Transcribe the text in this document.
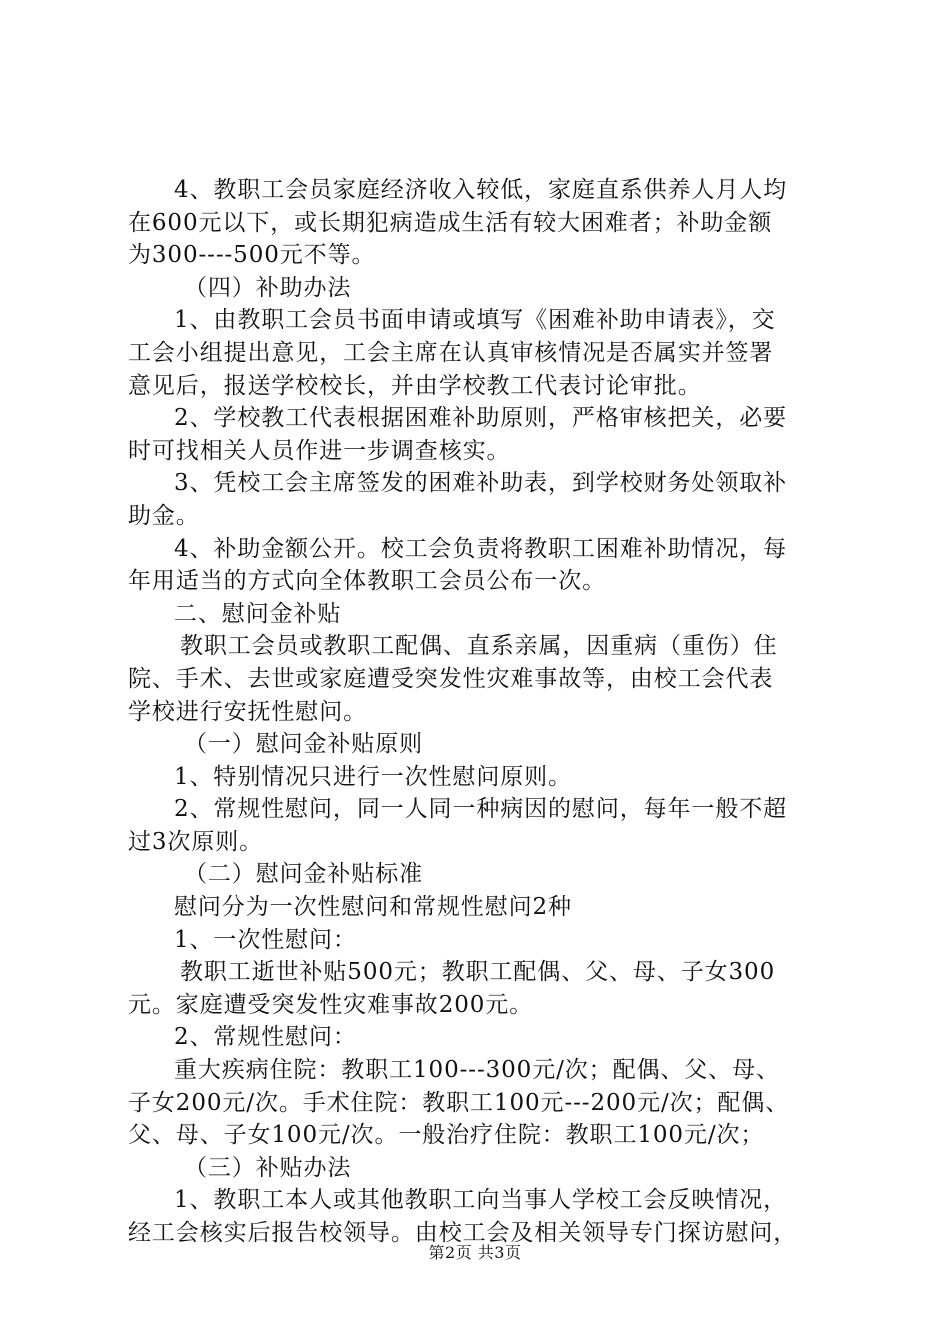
4、教职工会员家庭经济收入较低，家庭直系供养人月人均
在600元以下，或长期犯病造成生活有较大困难者；补助金额
为300----500元不等。
（四）补助办法
1、由教职工会员书面申请或填写《困难补助申请表》，交
工会小组提出意见，工会主席在认真审核情况是否属实并签署
意见后，报送学校校长，并由学校教工代表讨论审批。
2、学校教工代表根据困难补助原则，严格审核把关，必要
时可找相关人员作进一步调查核实。
3、凭校工会主席签发的困难补助表，到学校财务处领取补
助金。
4、补助金额公开。校工会负责将教职工困难补助情况，每
年用适当的方式向全体教职工会员公布一次。
二、慰问金补贴
教职工会员或教职工配偶、直系亲属，因重病（重伤）住
院、手术、去世或家庭遭受突发性灾难事故等，由校工会代表
学校进行安抚性慰问。
（一）慰问金补贴原则
1、特别情况只进行一次性慰问原则。
2、常规性慰问，同一人同一种病因的慰问，每年一般不超
过3次原则。
（二）慰问金补贴标准
慰问分为一次性慰问和常规性慰问2种
1、一次性慰问：
教职工逝世补贴500元；教职工配偶、父、母、子女300
元。家庭遭受突发性灾难事故200元。
2、常规性慰问：
重大疾病住院：教职工100---300元/次；配偶、父、母、
子女200元/次。手术住院：教职工100元---200元/次；配偶、
父、母、子女100元/次。一般治疗住院：教职工100元/次；
（三）补贴办法
1、教职工本人或其他教职工向当事人学校工会反映情况，
经工会核实后报告校领导。由校工会及相关领导专门探访慰问，
第2页 共3页
